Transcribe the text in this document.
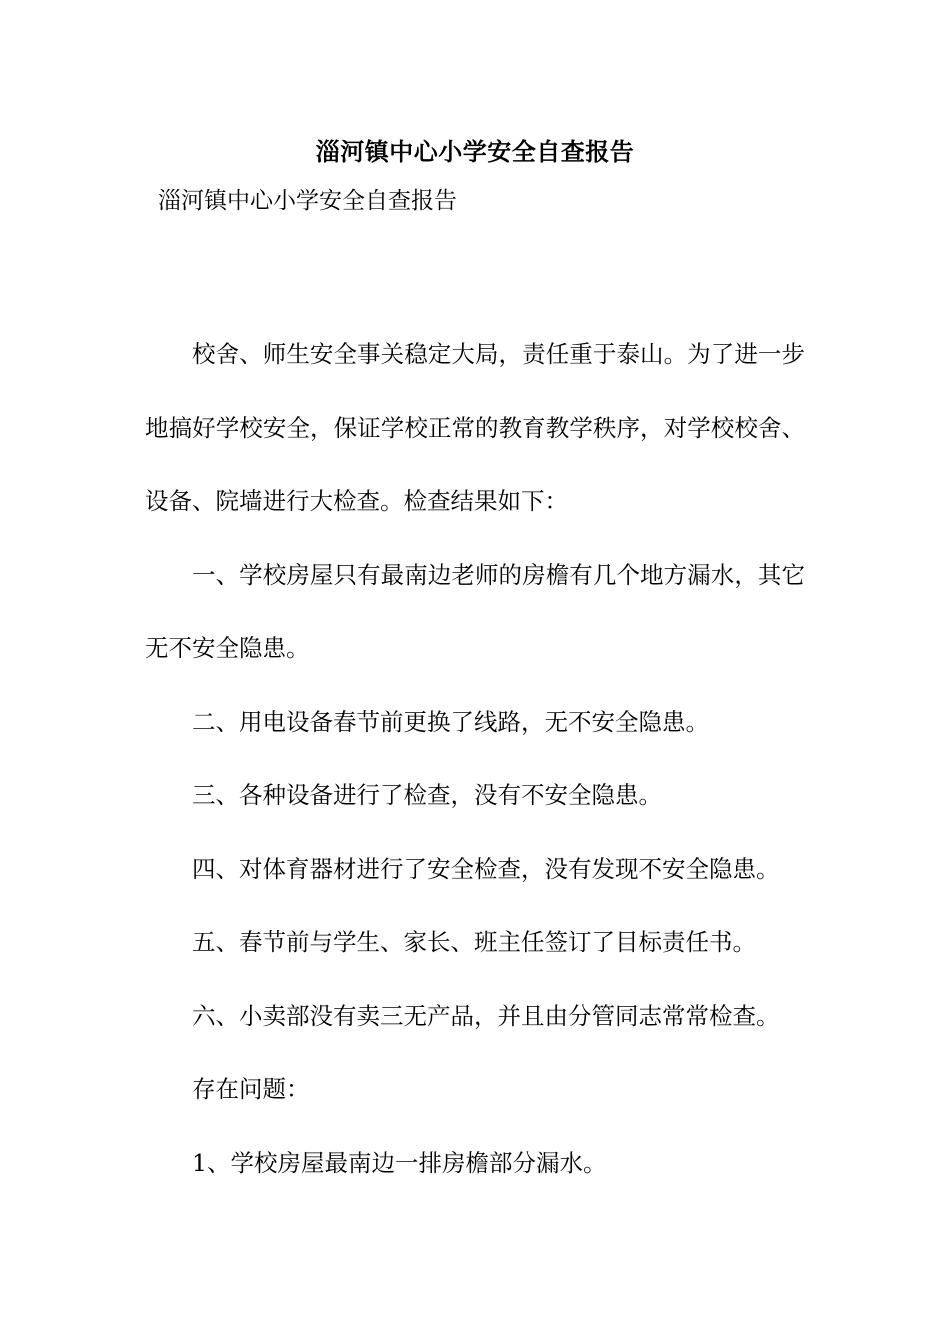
淄河镇中心小学安全自查报告
淄河镇中心小学安全自查报告

校舍、师生安全事关稳定大局，责任重于泰山。为了进一步地搞好学校安全，保证学校正常的教育教学秩序，对学校校舍、设备、院墙进行大检查。检查结果如下：

一、学校房屋只有最南边老师的房檐有几个地方漏水，其它无不安全隐患。

二、用电设备春节前更换了线路，无不安全隐患。

三、各种设备进行了检查，没有不安全隐患。

四、对体育器材进行了安全检查，没有发现不安全隐患。

五、春节前与学生、家长、班主任签订了目标责任书。

六、小卖部没有卖三无产品，并且由分管同志常常检查。

存在问题：

1、学校房屋最南边一排房檐部分漏水。
